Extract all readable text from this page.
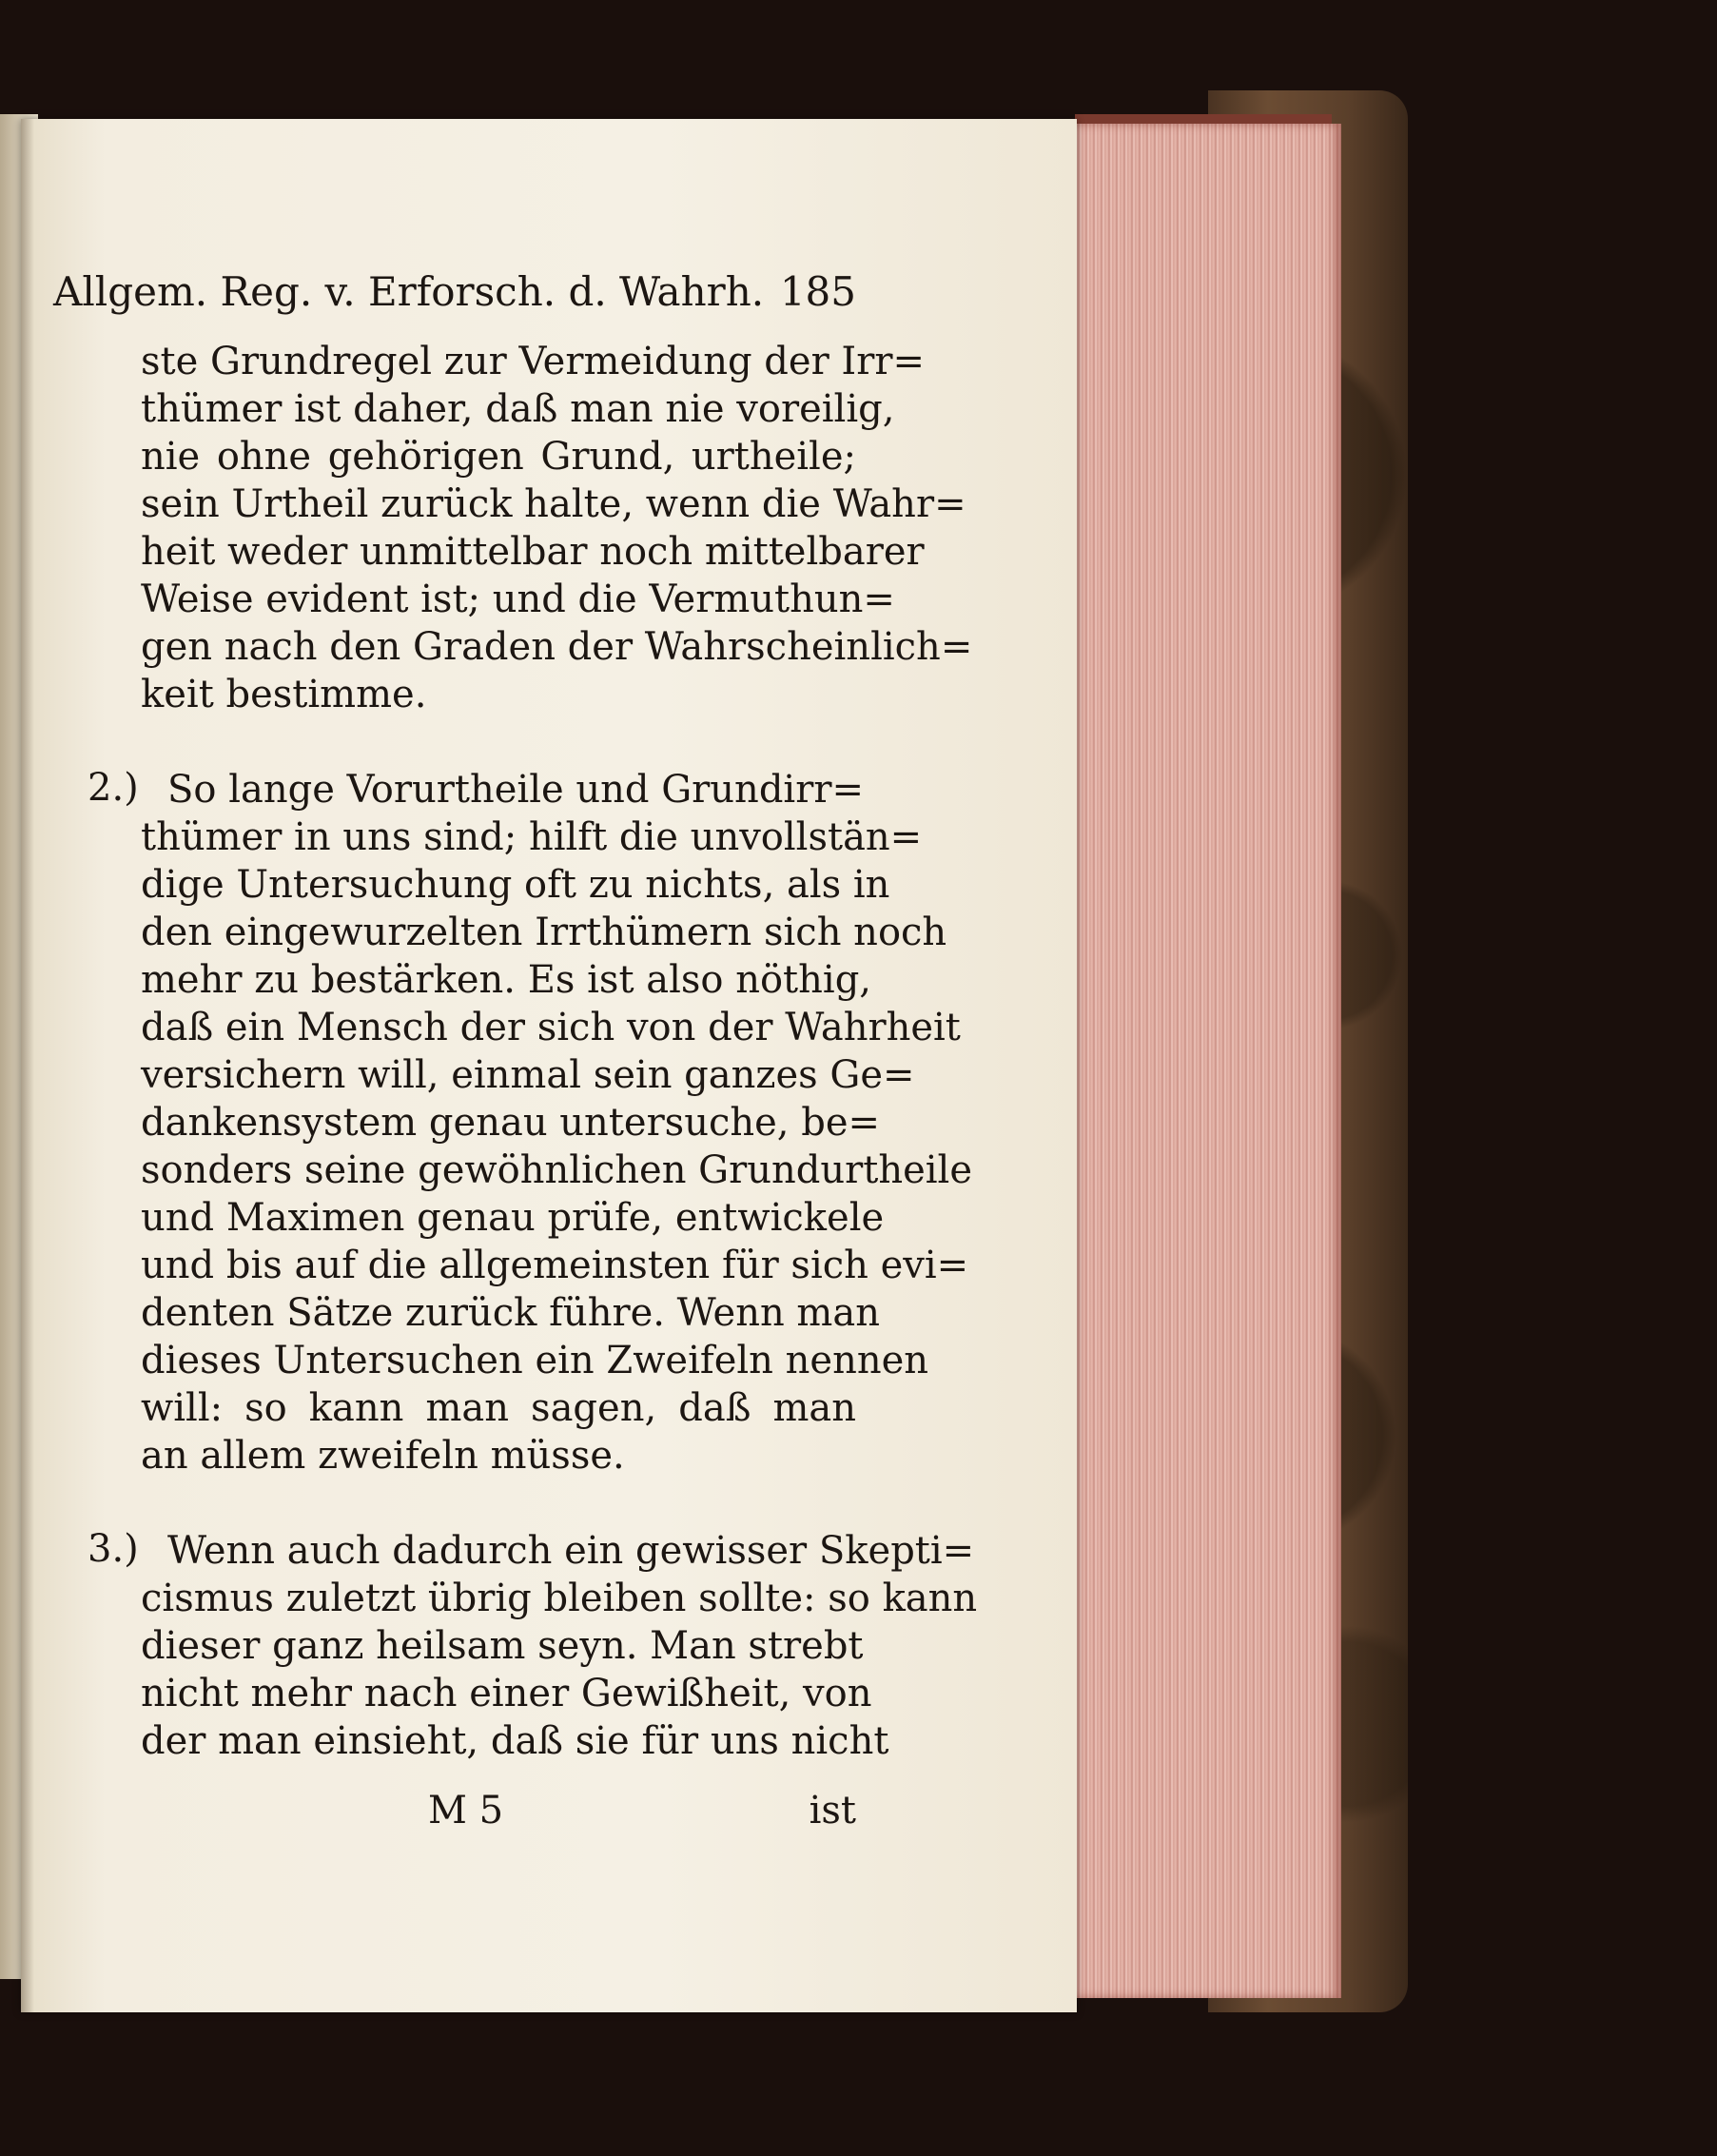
Allgem. Reg. v. Erforsch. d. Wahrh. 185
ste Grundregel zur Vermeidung der Irr=
thümer ist daher, daß man nie voreilig,
nie ohne gehörigen Grund, urtheile;
sein Urtheil zurück halte, wenn die Wahr=
heit weder unmittelbar noch mittelbarer
Weise evident ist; und die Vermuthun=
gen nach den Graden der Wahrscheinlich=
keit bestimme.
So lange Vorurtheile und Grundirr=
thümer in uns sind; hilft die unvollstän=
dige Untersuchung oft zu nichts, als in
den eingewurzelten Irrthümern sich noch
mehr zu bestärken. Es ist also nöthig,
daß ein Mensch der sich von der Wahrheit
versichern will, einmal sein ganzes Ge=
dankensystem genau untersuche, be=
sonders seine gewöhnlichen Grundurtheile
und Maximen genau prüfe, entwickele
und bis auf die allgemeinsten für sich evi=
denten Sätze zurück führe. Wenn man
dieses Untersuchen ein Zweifeln nennen
will: so kann man sagen, daß man
an allem zweifeln müsse.
Wenn auch dadurch ein gewisser Skepti=
cismus zuletzt übrig bleiben sollte: so kann
dieser ganz heilsam seyn. Man strebt
nicht mehr nach einer Gewißheit, von
der man einsieht, daß sie für uns nicht
2.)
3.)
M 5	ist
